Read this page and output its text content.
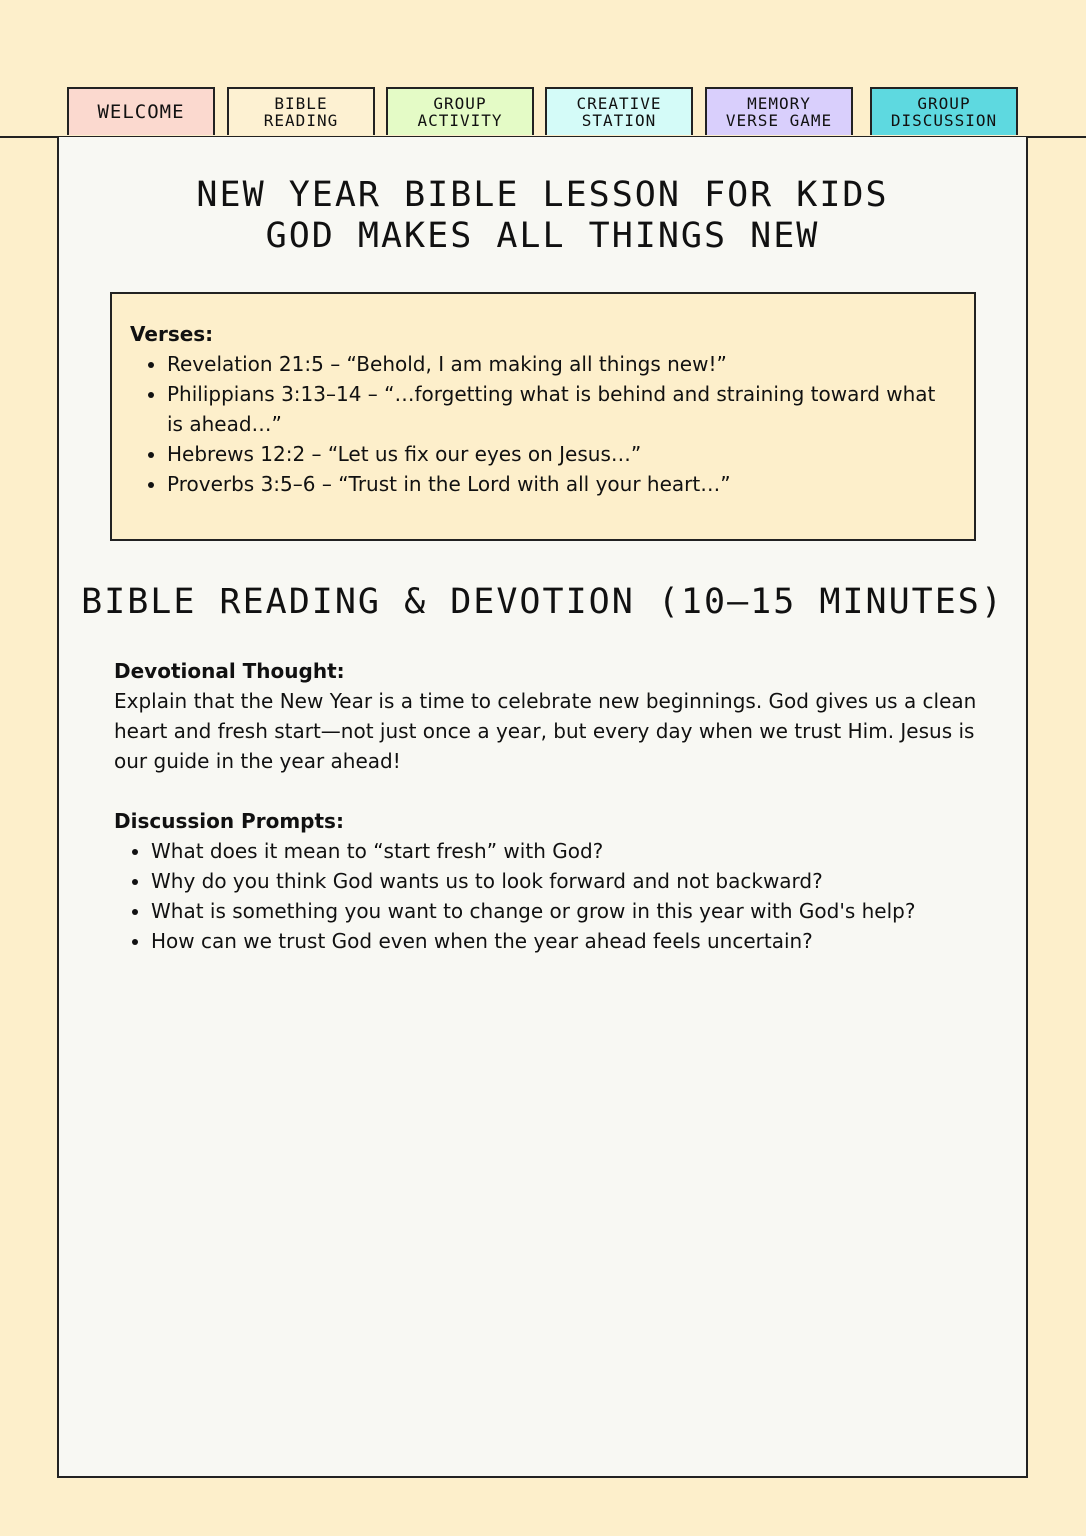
WELCOME	BIBLE
READING
GROUP
ACTIVITY
CREATIVE
STATION
MEMORY
VERSE GAME
GROUP
DISCUSSION
NEW YEAR BIBLE LESSON FOR KIDS
GOD MAKES ALL THINGS NEW
Verses:
• Revelation 21:5 – “Behold, I am making all things new!”
• Philippians 3:13–14 – “…forgetting what is behind and straining toward what is ahead…”
• Hebrews 12:2 – “Let us fix our eyes on Jesus…”
• Proverbs 3:5–6 – “Trust in the Lord with all your heart…”
BIBLE READING & DEVOTION (10–15 MINUTES)
Devotional Thought:

Explain that the New Year is a time to celebrate new beginnings. God gives us a clean heart and fresh start—not just once a year, but every day when we trust Him. Jesus is our guide in the year ahead!

Discussion Prompts:
• What does it mean to “start fresh” with God?
• Why do you think God wants us to look forward and not backward?
• What is something you want to change or grow in this year with God's help?
• How can we trust God even when the year ahead feels uncertain?
